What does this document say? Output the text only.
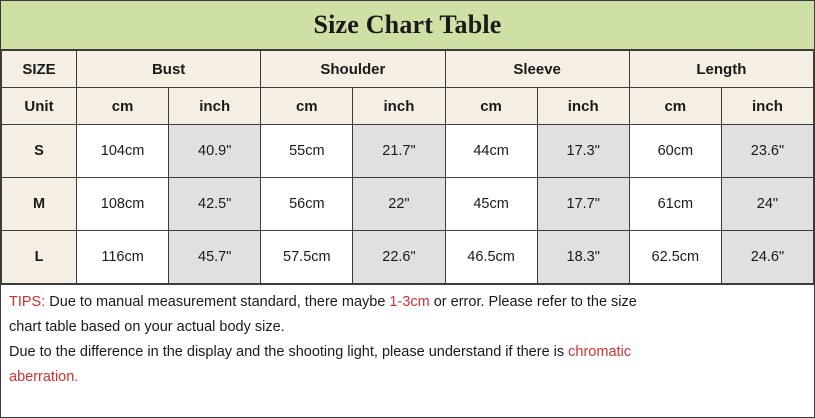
Size Chart Table
SIZE	Bust		Shoulder		Sleeve		Length	
Unit	cm	inch	cm	inch	cm	inch	cm	inch
S	104cm	40.9"	55cm	21.7"	44cm	17.3"	60cm	23.6"
M	108cm	42.5"	56cm	22"	45cm	17.7"	61cm	24"
L	116cm	45.7"	57.5cm	22.6"	46.5cm	18.3"	62.5cm	24.6"
TIPS: Due to manual measurement standard, there maybe 1-3cm or error. Please refer to the size
chart table based on your actual body size.
Due to the difference in the display and the shooting light, please understand if there is chromatic
aberration.
